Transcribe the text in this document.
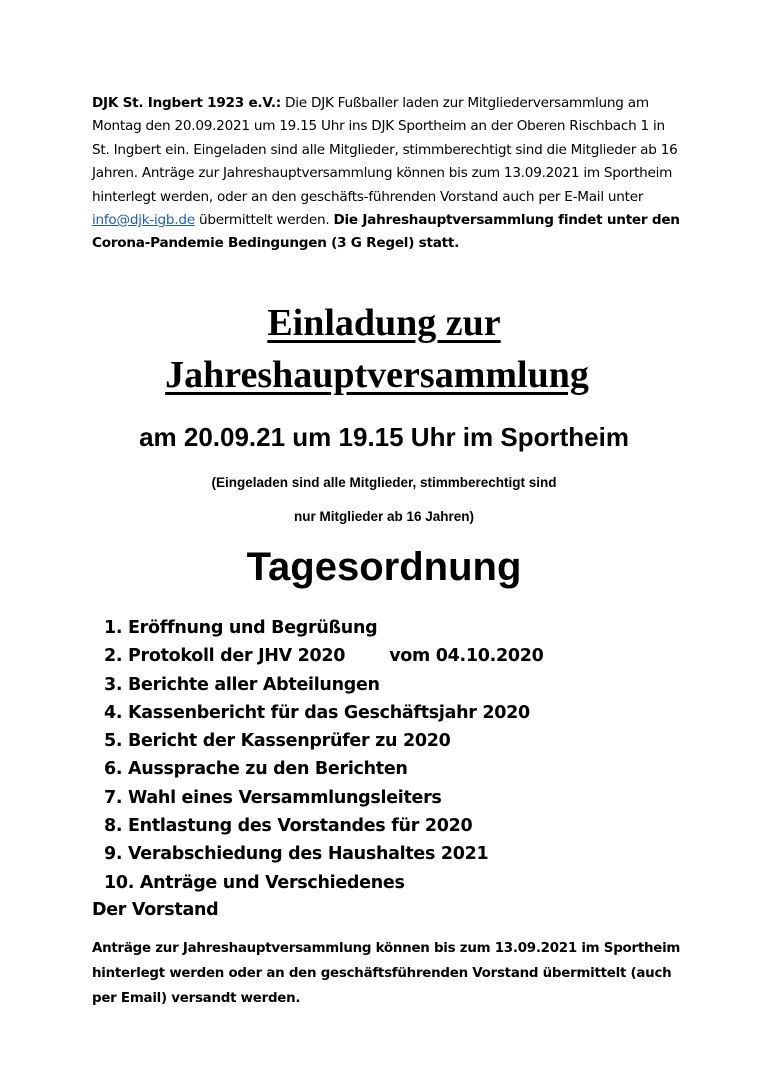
DJK St. Ingbert 1923 e.V.: Die DJK Fußballer laden zur Mitgliederversammlung am Montag den 20.09.2021 um 19.15 Uhr ins DJK Sportheim an der Oberen Rischbach 1 in St. Ingbert ein. Eingeladen sind alle Mitglieder, stimmberechtigt sind die Mitglieder ab 16 Jahren. Anträge zur Jahreshauptversammlung können bis zum 13.09.2021 im Sportheim hinterlegt werden, oder an den geschäfts-führenden Vorstand auch per E-Mail unterinfo@djk-igb.de übermittelt werden. Die Jahreshauptversammlung findet unter den Corona-Pandemie Bedingungen (3 G Regel) statt.

Einladung zur
Jahreshauptversammlung
am 20.09.21 um 19.15 Uhr im Sportheim
(Eingeladen sind alle Mitglieder, stimmberechtigt sind
nur Mitglieder ab 16 Jahren)
Tagesordnung
1. Eröffnung und Begrüßung
2. Protokoll der JHV 2020	vom 04.10.2020
3. Berichte aller Abteilungen
4. Kassenbericht für das Geschäftsjahr 2020
5. Bericht der Kassenprüfer zu 2020
6. Aussprache zu den Berichten
7. Wahl eines Versammlungsleiters
8. Entlastung des Vorstandes für 2020
9. Verabschiedung des Haushaltes 2021
10. Anträge und Verschiedenes
Der Vorstand

Anträge zur Jahreshauptversammlung können bis zum 13.09.2021 im Sportheim hinterlegt werden oder an den geschäftsführenden Vorstand übermittelt (auch per Email) versandt werden.
